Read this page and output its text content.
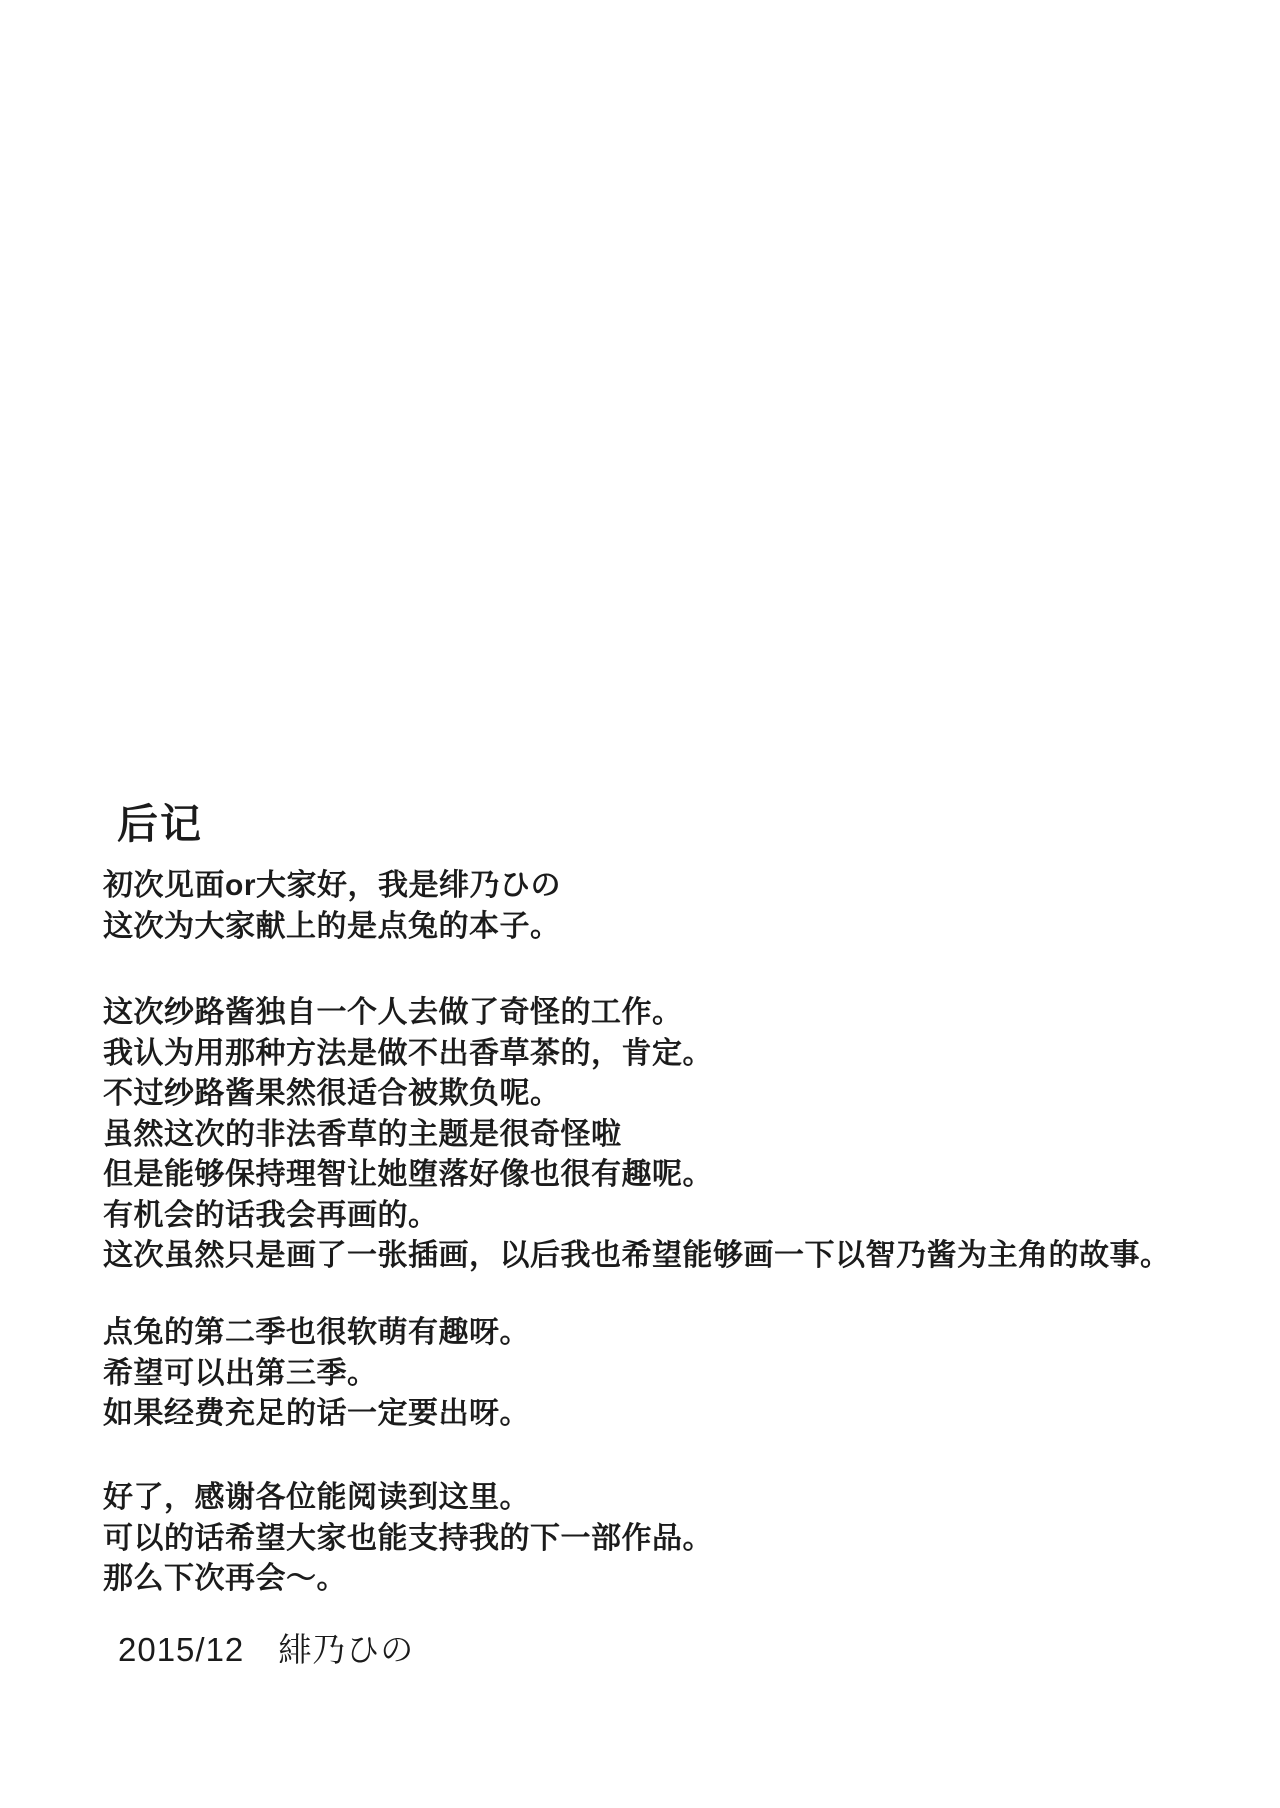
后记
初次见面or大家好，我是绯乃ひの
这次为大家献上的是点兔的本子。
这次纱路酱独自一个人去做了奇怪的工作。
我认为用那种方法是做不出香草茶的，肯定。
不过纱路酱果然很适合被欺负呢。
虽然这次的非法香草的主题是很奇怪啦
但是能够保持理智让她堕落好像也很有趣呢。
有机会的话我会再画的。
这次虽然只是画了一张插画，以后我也希望能够画一下以智乃酱为主角的故事。
点兔的第二季也很软萌有趣呀。
希望可以出第三季。
如果经费充足的话一定要出呀。
好了，感谢各位能阅读到这里。
可以的话希望大家也能支持我的下一部作品。
那么下次再会～。
2015/12　緋乃ひの
